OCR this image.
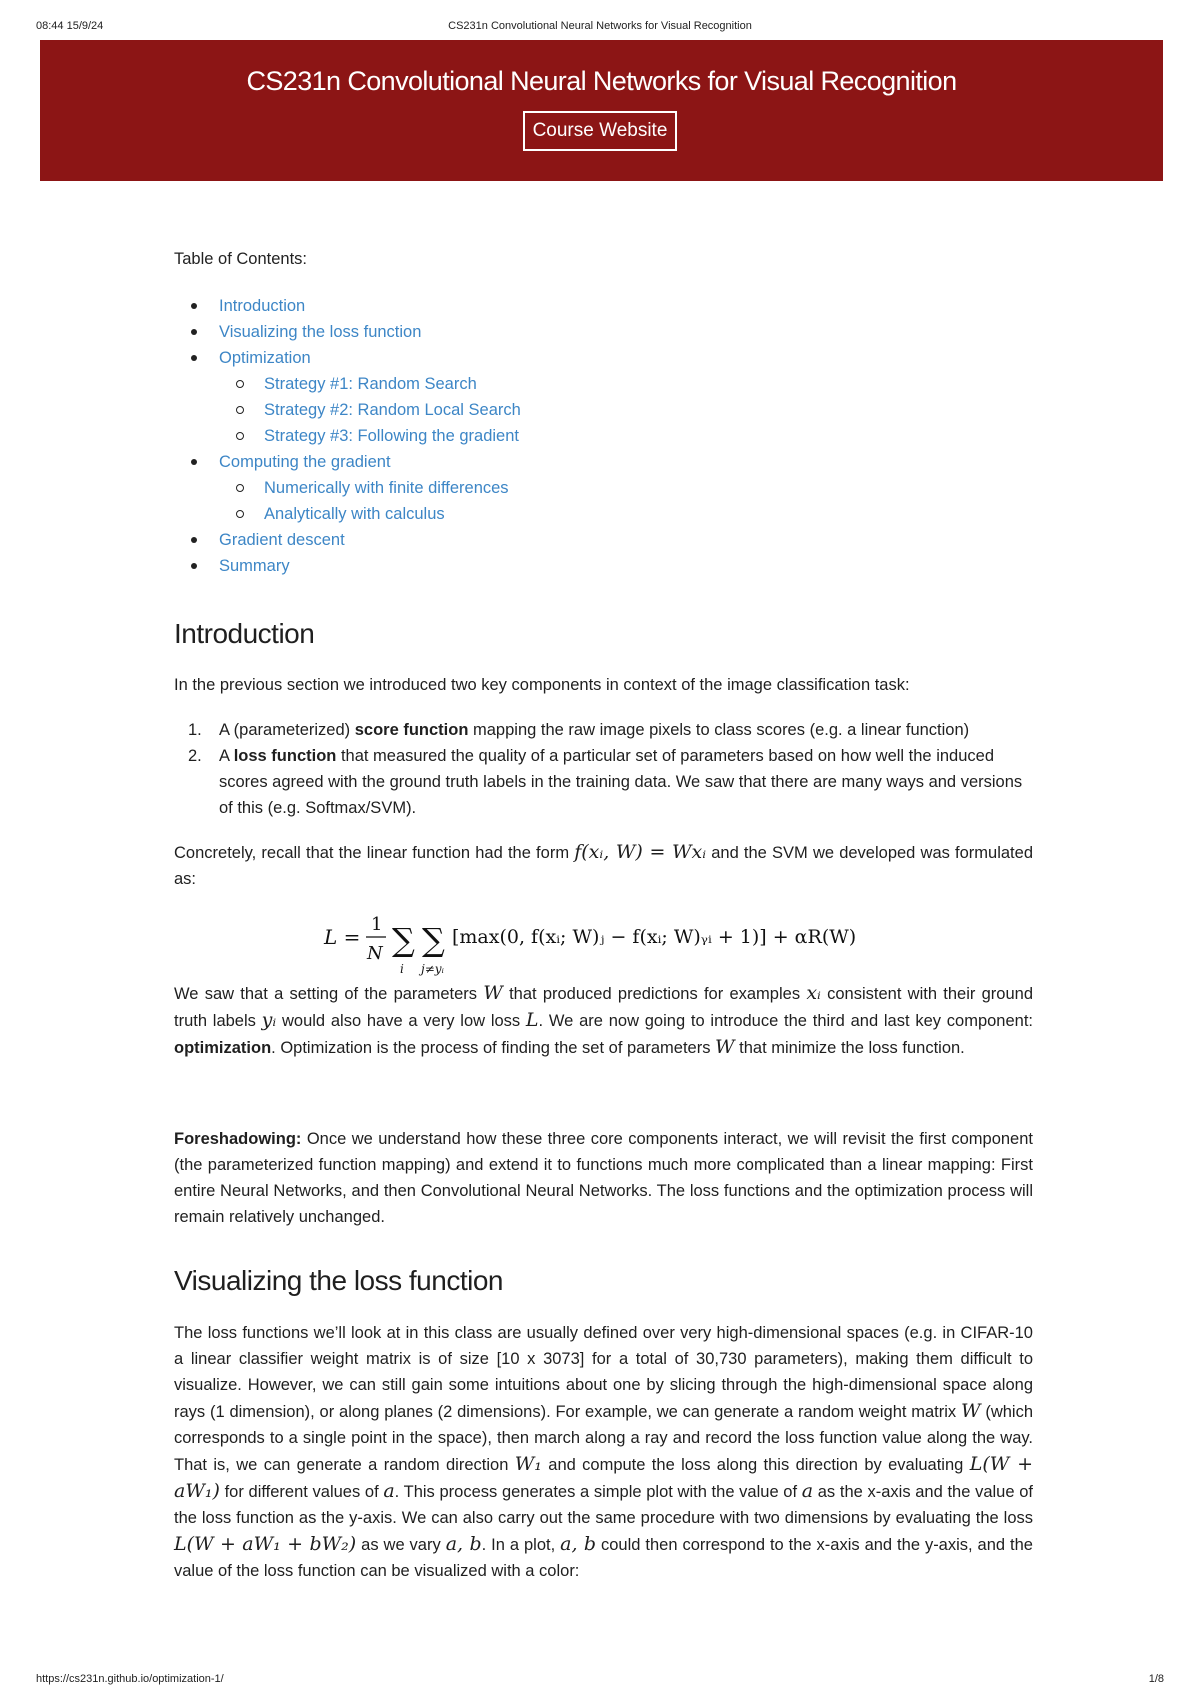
08:44 15/9/24	CS231n Convolutional Neural Networks for Visual Recognition
CS231n Convolutional Neural Networks for Visual Recognition
Course Website
Table of Contents:
Introduction
Visualizing the loss function
Optimization
Strategy #1: Random Search
Strategy #2: Random Local Search
Strategy #3: Following the gradient
Computing the gradient
Numerically with finite differences
Analytically with calculus
Gradient descent
Summary
Introduction

In the previous section we introduced two key components in context of the image classification task:

1. A (parameterized) score function mapping the raw image pixels to class scores (e.g. a linear function)
2. A loss function that measured the quality of a particular set of parameters based on how well the induced scores agreed with the ground truth labels in the training data. We saw that there are many ways and versions of this (e.g. Softmax/SVM).

Concretely, recall that the linear function had the form f(xᵢ, W) = Wxᵢ and the SVM we developed was formulated as:

L =
1
N ∑
i
∑
j≠yᵢ
[max(0, f(xᵢ; W)ⱼ − f(xᵢ; W)ᵧᵢ + 1)] + αR(W)

We saw that a setting of the parameters W that produced predictions for examples xᵢ consistent with their ground truth labels yᵢ would also have a very low loss L. We are now going to introduce the third and last key component: optimization. Optimization is the process of finding the set of parameters W that minimize the loss function.

Foreshadowing: Once we understand how these three core components interact, we will revisit the first component (the parameterized function mapping) and extend it to functions much more complicated than a linear mapping: First entire Neural Networks, and then Convolutional Neural Networks. The loss functions and the optimization process will remain relatively unchanged.

Visualizing the loss function

The loss functions we’ll look at in this class are usually defined over very high-dimensional spaces (e.g. in CIFAR-10 a linear classifier weight matrix is of size [10 x 3073] for a total of 30,730 parameters), making them difficult to visualize. However, we can still gain some intuitions about one by slicing through the high-dimensional space along rays (1 dimension), or along planes (2 dimensions). For example, we can generate a random weight matrix W (which corresponds to a single point in the space), then march along a ray and record the loss function value along the way. That is, we can generate a random direction W₁ and compute the loss along this direction by evaluating L(W + aW₁) for different values of a. This process generates a simple plot with the value of a as the x-axis and the value of the loss function as the y-axis. We can also carry out the same procedure with two dimensions by evaluating the loss L(W + aW₁ + bW₂) as we vary a, b. In a plot, a, b could then correspond to the x-axis and the y-axis, and the value of the loss function can be visualized with a color:

https://cs231n.github.io/optimization-1/	1/8
